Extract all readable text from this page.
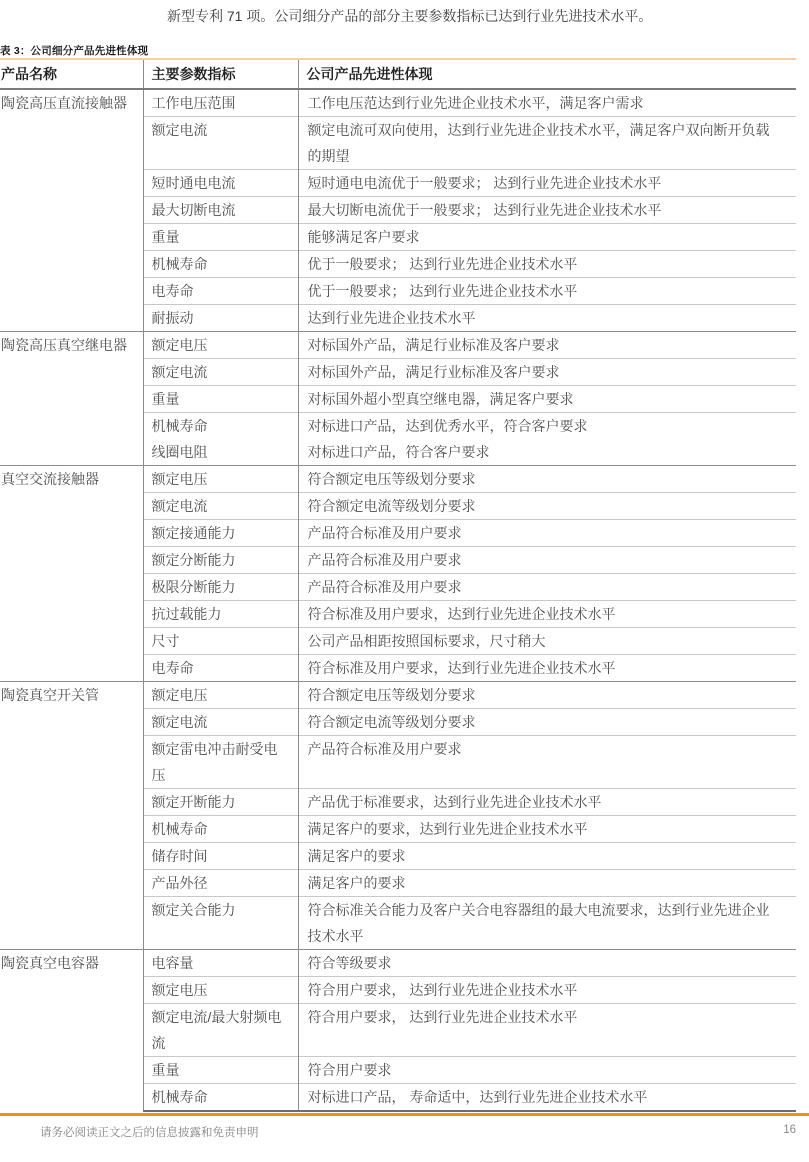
新型专利 71 项。公司细分产品的部分主要参数指标已达到行业先进技术水平。

表 3：公司细分产品先进性体现
产品名称	主要参数指标	公司产品先进性体现
陶瓷高压直流接触器	工作电压范围	工作电压范达到行业先进企业技术水平，满足客户需求
	额定电流	额定电流可双向使用，达到行业先进企业技术水平，满足客户双向断开负载的期望
	短时通电电流	短时通电电流优于一般要求； 达到行业先进企业技术水平
	最大切断电流	最大切断电流优于一般要求； 达到行业先进企业技术水平
	重量	能够满足客户要求
	机械寿命	优于一般要求； 达到行业先进企业技术水平
	电寿命	优于一般要求； 达到行业先进企业技术水平
	耐振动	达到行业先进企业技术水平
陶瓷高压真空继电器	额定电压	对标国外产品，满足行业标准及客户要求
	额定电流	对标国外产品，满足行业标准及客户要求
	重量	对标国外超小型真空继电器，满足客户要求
	机械寿命	对标进口产品，达到优秀水平，符合客户要求
	线圈电阻	对标进口产品，符合客户要求
真空交流接触器	额定电压	符合额定电压等级划分要求
	额定电流	符合额定电流等级划分要求
	额定接通能力	产品符合标准及用户要求
	额定分断能力	产品符合标准及用户要求
	极限分断能力	产品符合标准及用户要求
	抗过载能力	符合标准及用户要求，达到行业先进企业技术水平
	尺寸	公司产品相距按照国标要求，尺寸稍大
	电寿命	符合标准及用户要求，达到行业先进企业技术水平
陶瓷真空开关管	额定电压	符合额定电压等级划分要求
	额定电流	符合额定电流等级划分要求
	额定雷电冲击耐受电压	产品符合标准及用户要求
	额定开断能力	产品优于标准要求，达到行业先进企业技术水平
	机械寿命	满足客户的要求，达到行业先进企业技术水平
	储存时间	满足客户的要求
	产品外径	满足客户的要求
	额定关合能力	符合标准关合能力及客户关合电容器组的最大电流要求，达到行业先进企业技术水平
陶瓷真空电容器	电容量	符合等级要求
	额定电压	符合用户要求， 达到行业先进企业技术水平
	额定电流/最大射频电流	符合用户要求， 达到行业先进企业技术水平
	重量	符合用户要求
	机械寿命	对标进口产品， 寿命适中，达到行业先进企业技术水平
请务必阅读正文之后的信息披露和免责申明	16
